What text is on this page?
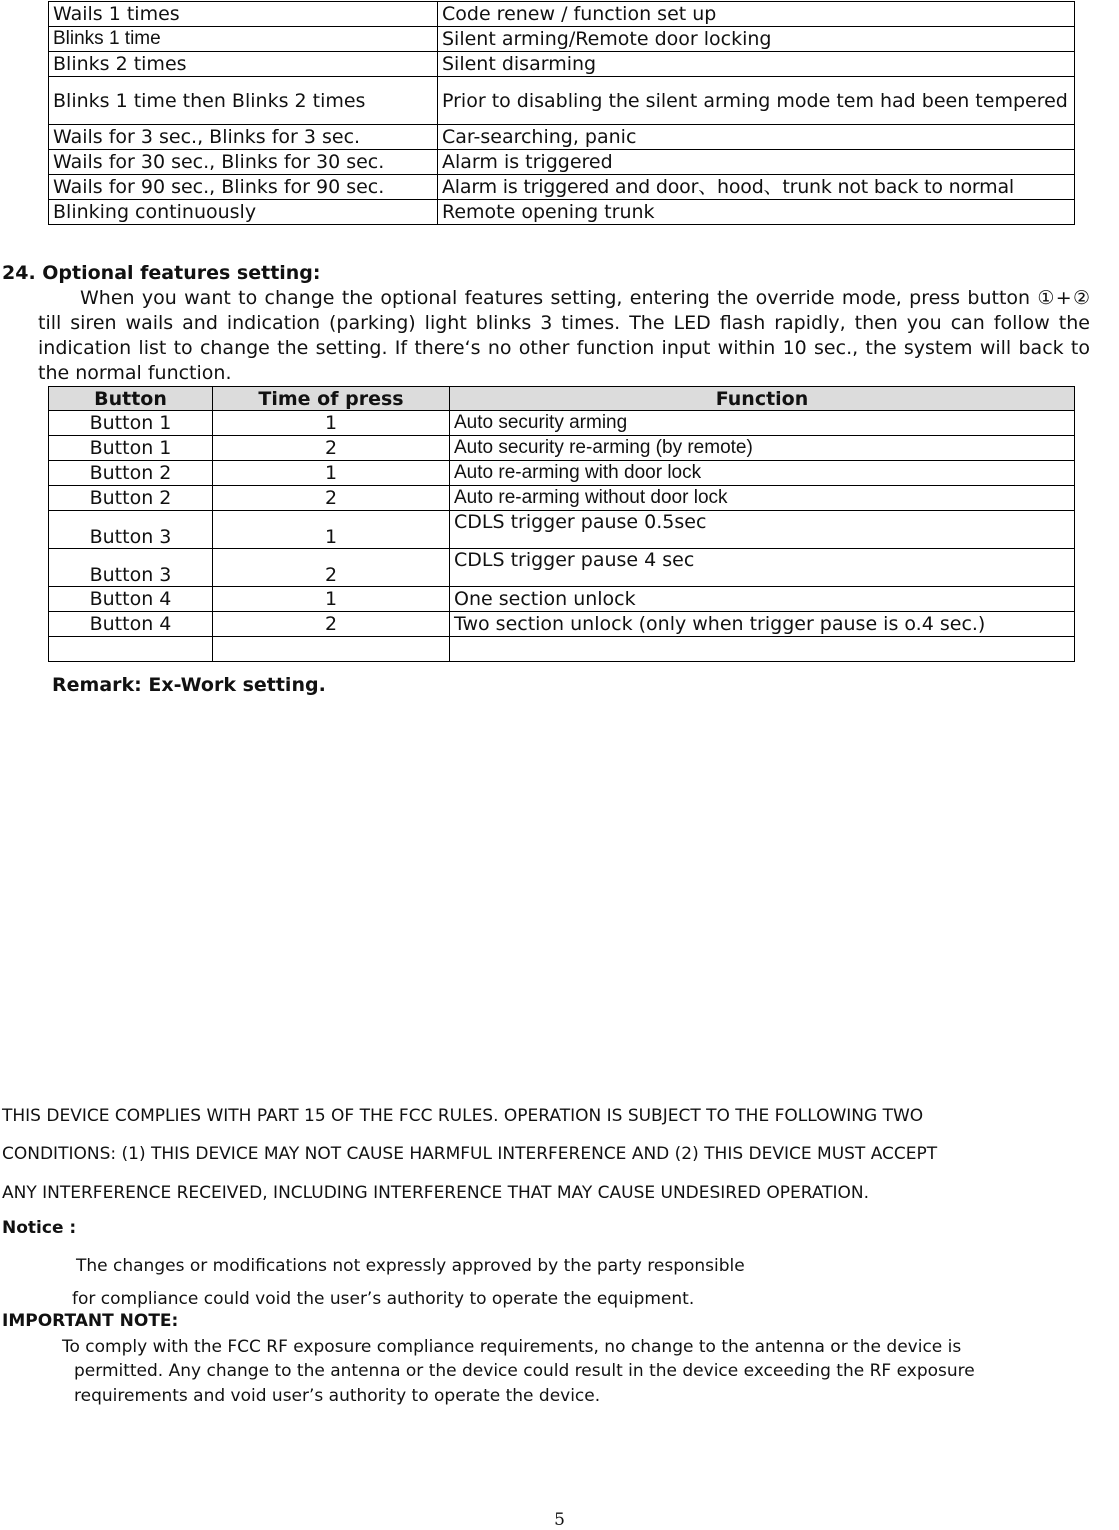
Wails 1 times	Code renew / function set up
Blinks 1 time	Silent arming/Remote door locking
Blinks 2 times	Silent disarming
Blinks 1 time then Blinks 2 times	Prior to disabling the silent arming mode tem had been tempered
Wails for 3 sec., Blinks for 3 sec.	Car-searching, panic
Wails for 30 sec., Blinks for 30 sec.	Alarm is triggered
Wails for 90 sec., Blinks for 90 sec.	Alarm is triggered and door、hood、trunk not back to normal
Blinking continuously	Remote opening trunk
24. Optional features setting:
When you want to change the optional features setting, entering the override mode, press button ①+② till siren wails and indication (parking) light blinks 3 times. The LED flash rapidly, then you can follow the indication list to change the setting. If there‘s no other function input within 10 sec., the system will back to the normal function.
Button	Time of press	Function
Button 1	1	Auto security arming
Button 1	2	Auto security re-arming (by remote)
Button 2	1	Auto re-arming with door lock
Button 2	2	Auto re-arming without door lock
Button 3	1	CDLS trigger pause 0.5sec
Button 3	2	CDLS trigger pause 4 sec
Button 4	1	One section unlock
Button 4	2	Two section unlock (only when trigger pause is o.4 sec.)

Remark: Ex-Work setting.
THIS DEVICE COMPLIES WITH PART 15 OF THE FCC RULES. OPERATION IS SUBJECT TO THE FOLLOWING TWO
CONDITIONS: (1) THIS DEVICE MAY NOT CAUSE HARMFUL INTERFERENCE AND (2) THIS DEVICE MUST ACCEPT
ANY INTERFERENCE RECEIVED, INCLUDING INTERFERENCE THAT MAY CAUSE UNDESIRED OPERATION.
Notice :
The changes or modifications not expressly approved by the party responsible
for compliance could void the user’s authority to operate the equipment.
IMPORTANT NOTE:
To comply with the FCC RF exposure compliance requirements, no change to the antenna or the device is
permitted. Any change to the antenna or the device could result in the device exceeding the RF exposure
requirements and void user’s authority to operate the device.
5
